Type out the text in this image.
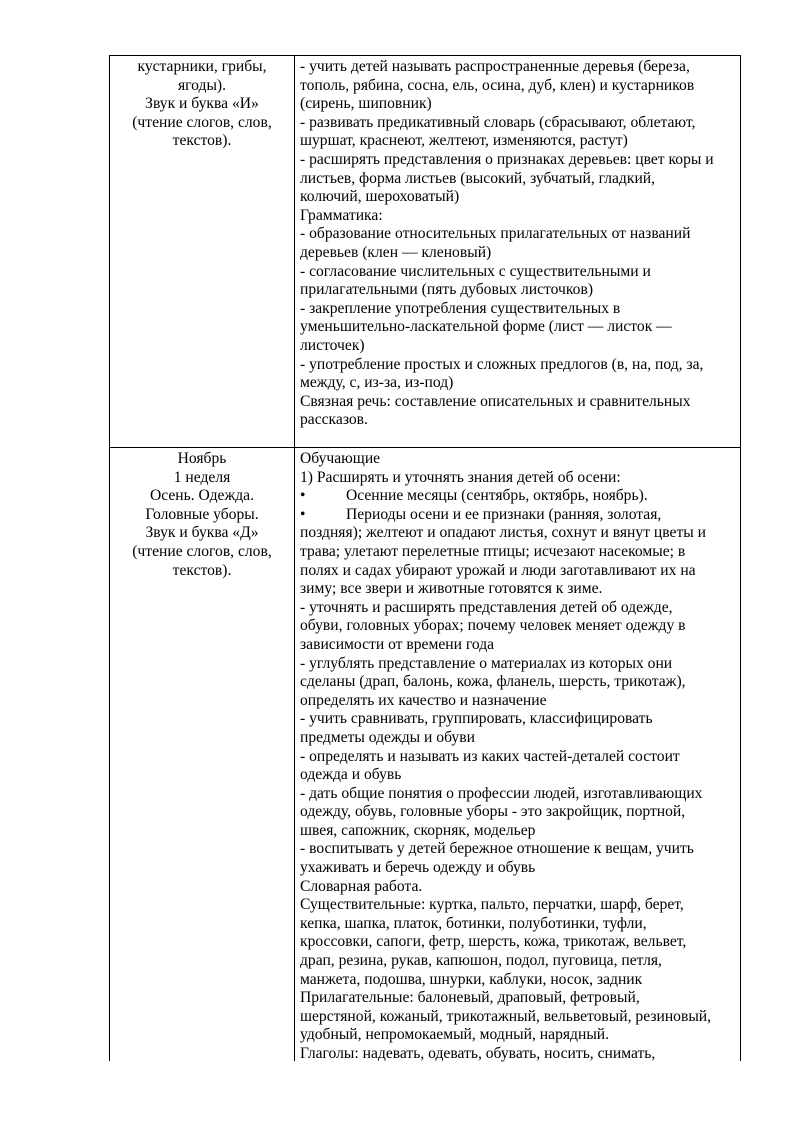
кустарники, грибы,
ягоды).
Звук и буква «И»
(чтение слогов, слов,
текстов).
- учить детей называть распространенные деревья (береза,
тополь, рябина, сосна, ель, осина, дуб, клен) и кустарников
(сирень, шиповник)
- развивать предикативный словарь (сбрасывают, облетают,
шуршат, краснеют, желтеют, изменяются, растут)
- расширять представления о признаках деревьев: цвет коры и
листьев, форма листьев (высокий, зубчатый, гладкий,
колючий, шероховатый)
Грамматика:
- образование относительных прилагательных от названий
деревьев (клен — кленовый)
- согласование числительных с существительными и
прилагательными (пять дубовых листочков)
- закрепление употребления существительных в
уменьшительно-ласкательной форме (лист — листок —
листочек)
- употребление простых и сложных предлогов (в, на, под, за,
между, с, из-за, из-под)
Связная речь: составление описательных и сравнительных
рассказов.
Ноябрь
1 неделя
Осень. Одежда.
Головные уборы.
Звук и буква «Д»
(чтение слогов, слов,
текстов).
Обучающие
1) Расширять и уточнять знания детей об осени:
•	Осенние месяцы (сентябрь, октябрь, ноябрь).
•	Периоды осени и ее признаки (ранняя, золотая,
поздняя); желтеют и опадают листья, сохнут и вянут цветы и
трава; улетают перелетные птицы; исчезают насекомые; в
полях и садах убирают урожай и люди заготавливают их на
зиму; все звери и животные готовятся к зиме.
- уточнять и расширять представления детей об одежде,
обуви, головных уборах; почему человек меняет одежду в
зависимости от времени года
- углублять представление о материалах из которых они
сделаны (драп, балонь, кожа, фланель, шерсть, трикотаж),
определять их качество и назначение
- учить сравнивать, группировать, классифицировать
предметы одежды и обуви
- определять и называть из каких частей-деталей состоит
одежда и обувь
- дать общие понятия о профессии людей, изготавливающих
одежду, обувь, головные уборы - это закройщик, портной,
швея, сапожник, скорняк, модельер
- воспитывать у детей бережное отношение к вещам, учить
ухаживать и беречь одежду и обувь
Словарная работа.
Существительные: куртка, пальто, перчатки, шарф, берет,
кепка, шапка, платок, ботинки, полуботинки, туфли,
кроссовки, сапоги, фетр, шерсть, кожа, трикотаж, вельвет,
драп, резина, рукав, капюшон, подол, пуговица, петля,
манжета, подошва, шнурки, каблуки, носок, задник
Прилагательные: балоневый, драповый, фетровый,
шерстяной, кожаный, трикотажный, вельветовый, резиновый,
удобный, непромокаемый, модный, нарядный.
Глаголы: надевать, одевать, обувать, носить, снимать,
